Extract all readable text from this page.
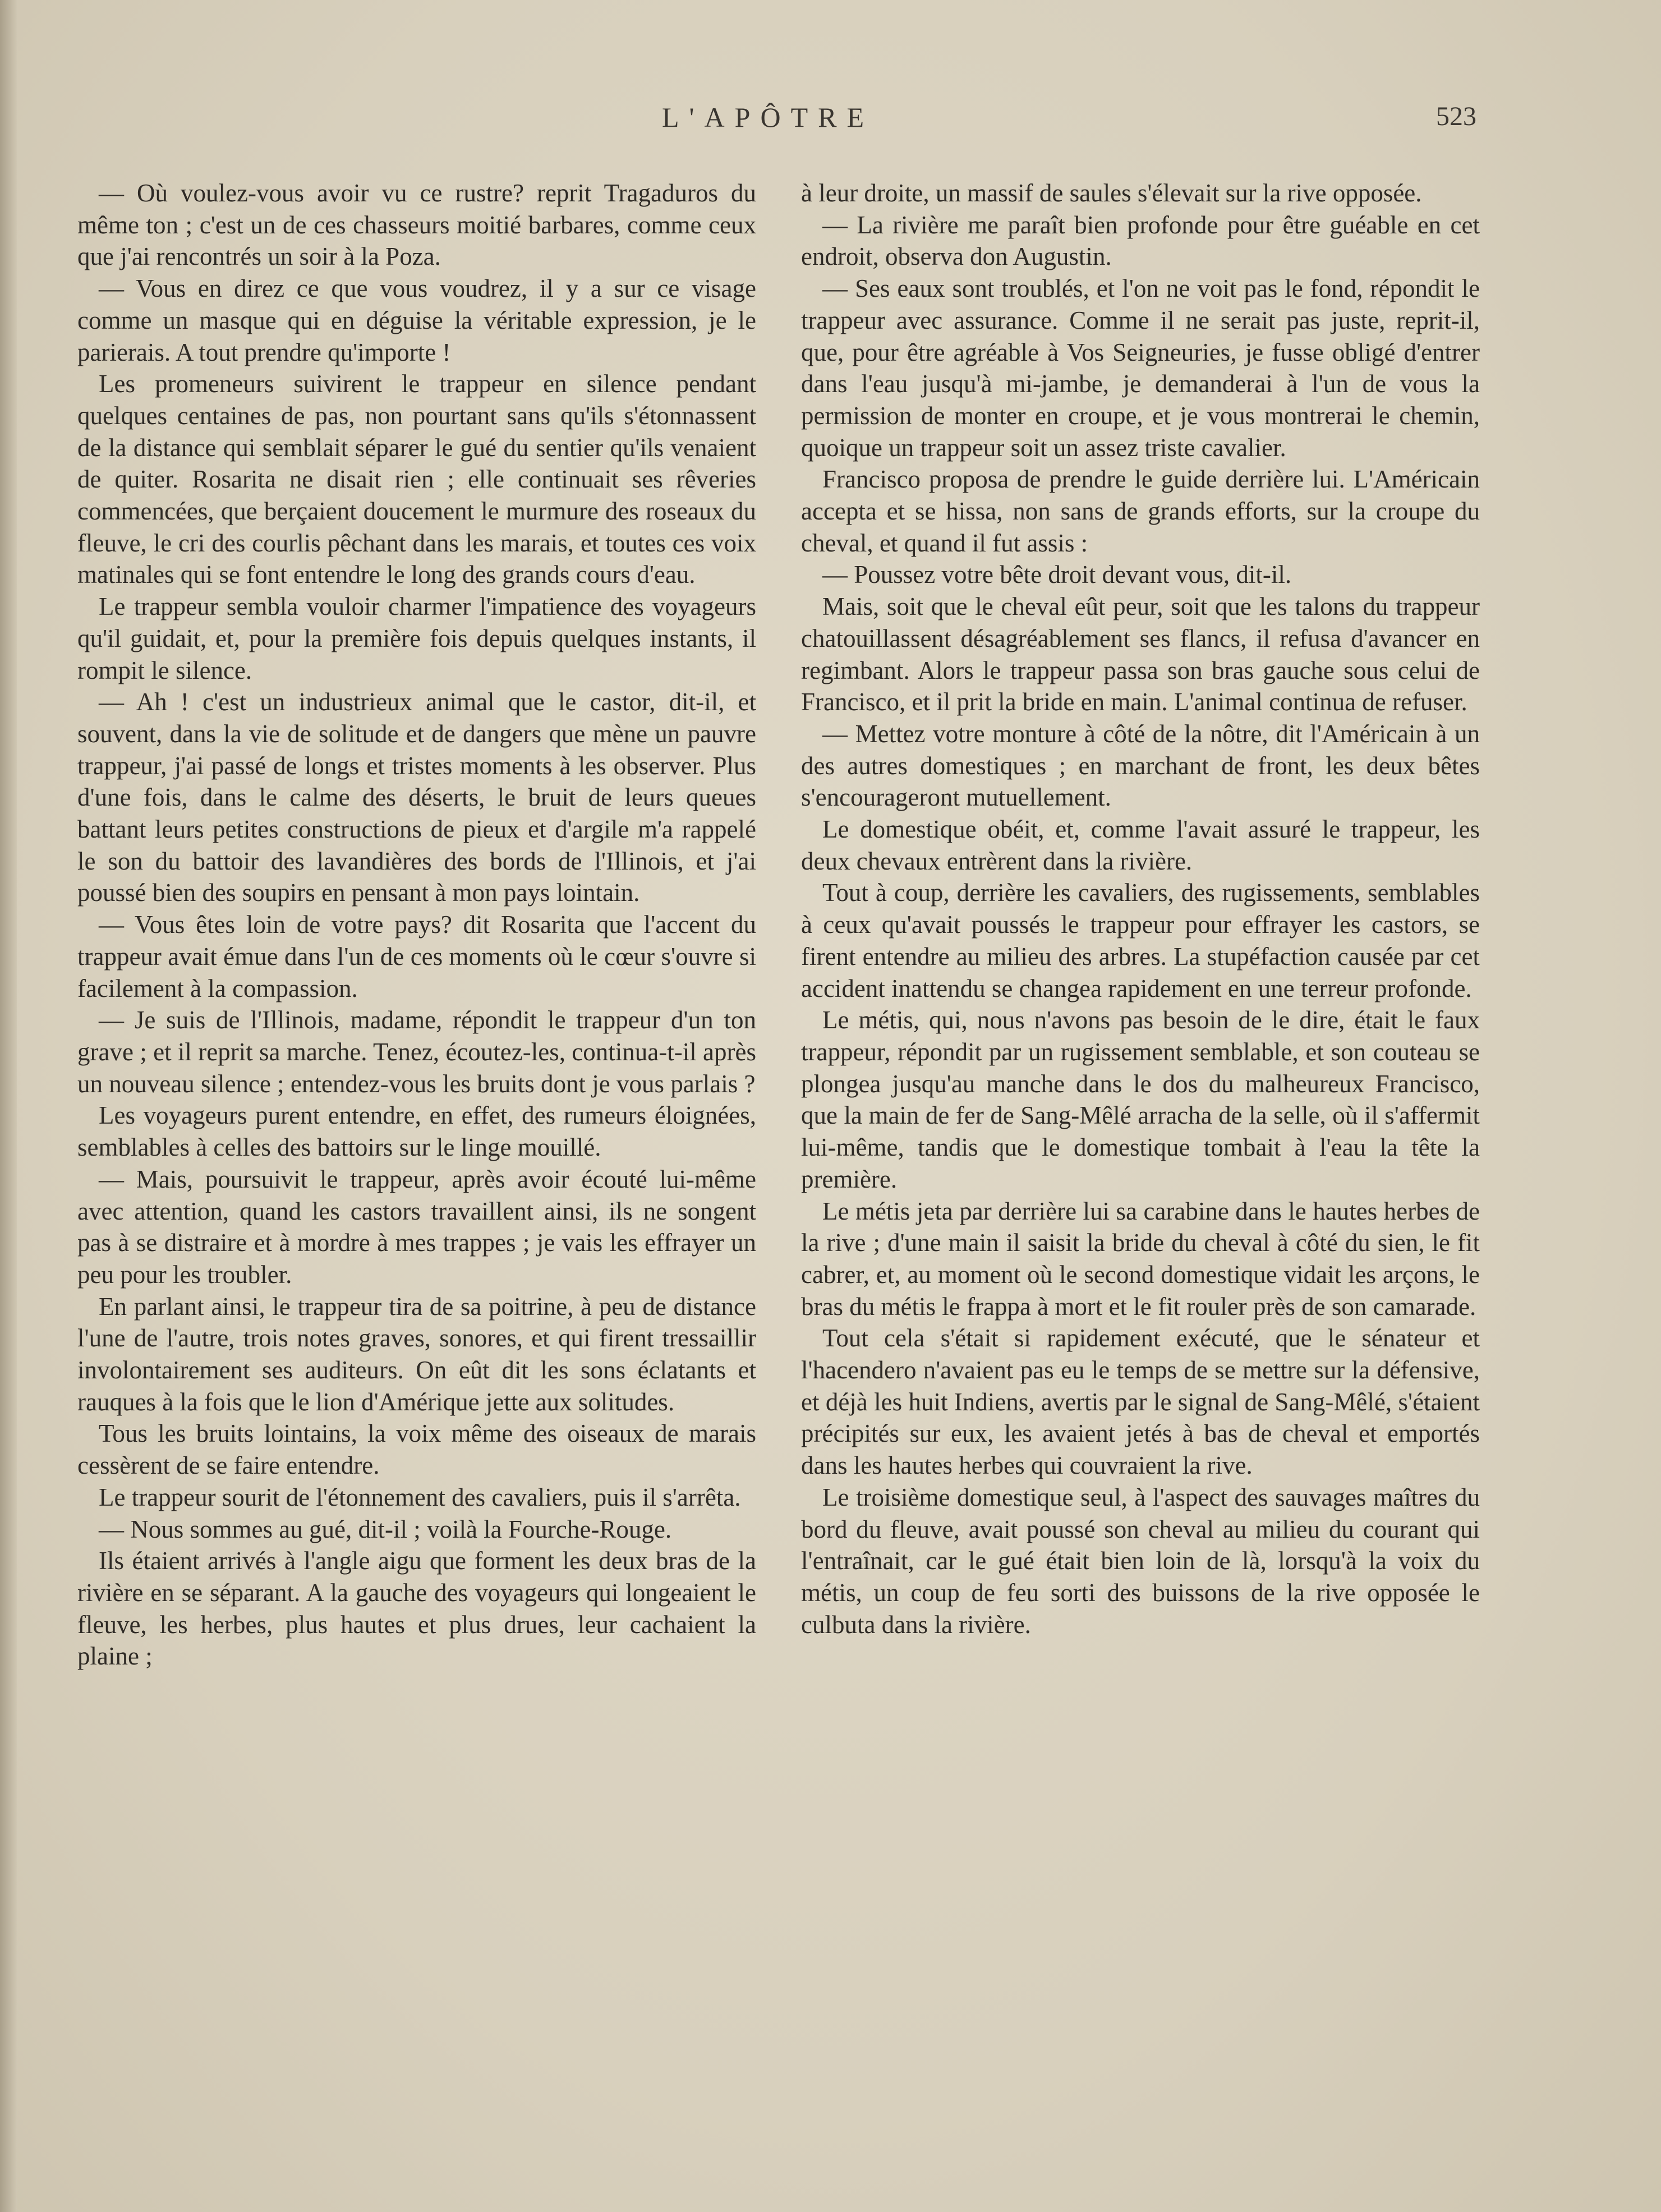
L'APÔTRE	523

— Où voulez-vous avoir vu ce rustre? reprit Tragaduros du même ton ; c'est un de ces chasseurs moitié barbares, comme ceux que j'ai rencontrés un soir à la Poza.

— Vous en direz ce que vous voudrez, il y a sur ce visage comme un masque qui en déguise la véritable expression, je le parierais. A tout prendre qu'importe !

Les promeneurs suivirent le trappeur en silence pendant quelques centaines de pas, non pourtant sans qu'ils s'étonnassent de la distance qui semblait séparer le gué du sentier qu'ils venaient de quiter. Rosarita ne disait rien ; elle continuait ses rêveries commencées, que berçaient doucement le murmure des roseaux du fleuve, le cri des courlis pêchant dans les marais, et toutes ces voix matinales qui se font entendre le long des grands cours d'eau.

Le trappeur sembla vouloir charmer l'impatience des voyageurs qu'il guidait, et, pour la première fois depuis quelques instants, il rompit le silence.

— Ah ! c'est un industrieux animal que le castor, dit-il, et souvent, dans la vie de solitude et de dangers que mène un pauvre trappeur, j'ai passé de longs et tristes moments à les observer. Plus d'une fois, dans le calme des déserts, le bruit de leurs queues battant leurs petites constructions de pieux et d'argile m'a rappelé le son du battoir des lavandières des bords de l'Illinois, et j'ai poussé bien des soupirs en pensant à mon pays lointain.

— Vous êtes loin de votre pays? dit Rosarita que l'accent du trappeur avait émue dans l'un de ces moments où le cœur s'ouvre si facilement à la compassion.

— Je suis de l'Illinois, madame, répondit le trappeur d'un ton grave ; et il reprit sa marche. Tenez, écoutez-les, continua-t-il après un nouveau silence ; entendez-vous les bruits dont je vous parlais ?

Les voyageurs purent entendre, en effet, des rumeurs éloignées, semblables à celles des battoirs sur le linge mouillé.

— Mais, poursuivit le trappeur, après avoir écouté lui-même avec attention, quand les castors travaillent ainsi, ils ne songent pas à se distraire et à mordre à mes trappes ; je vais les effrayer un peu pour les troubler.

En parlant ainsi, le trappeur tira de sa poitrine, à peu de distance l'une de l'autre, trois notes graves, sonores, et qui firent tressaillir involontairement ses auditeurs. On eût dit les sons éclatants et rauques à la fois que le lion d'Amérique jette aux solitudes.

Tous les bruits lointains, la voix même des oiseaux de marais cessèrent de se faire entendre.

Le trappeur sourit de l'étonnement des cavaliers, puis il s'arrêta.

— Nous sommes au gué, dit-il ; voilà la Fourche-Rouge.

Ils étaient arrivés à l'angle aigu que forment les deux bras de la rivière en se séparant. A la gauche des voyageurs qui longeaient le fleuve, les herbes, plus hautes et plus drues, leur cachaient la plaine ;

à leur droite, un massif de saules s'élevait sur la rive opposée.

— La rivière me paraît bien profonde pour être guéable en cet endroit, observa don Augustin.

— Ses eaux sont troublés, et l'on ne voit pas le fond, répondit le trappeur avec assurance. Comme il ne serait pas juste, reprit-il, que, pour être agréable à Vos Seigneuries, je fusse obligé d'entrer dans l'eau jusqu'à mi-jambe, je demanderai à l'un de vous la permission de monter en croupe, et je vous montrerai le chemin, quoique un trappeur soit un assez triste cavalier.

Francisco proposa de prendre le guide derrière lui. L'Américain accepta et se hissa, non sans de grands efforts, sur la croupe du cheval, et quand il fut assis :

— Poussez votre bête droit devant vous, dit-il.

Mais, soit que le cheval eût peur, soit que les talons du trappeur chatouillassent désagréablement ses flancs, il refusa d'avancer en regimbant. Alors le trappeur passa son bras gauche sous celui de Francisco, et il prit la bride en main. L'animal continua de refuser.

— Mettez votre monture à côté de la nôtre, dit l'Américain à un des autres domestiques ; en marchant de front, les deux bêtes s'encourageront mutuellement.

Le domestique obéit, et, comme l'avait assuré le trappeur, les deux chevaux entrèrent dans la rivière.

Tout à coup, derrière les cavaliers, des rugissements, semblables à ceux qu'avait poussés le trappeur pour effrayer les castors, se firent entendre au milieu des arbres. La stupéfaction causée par cet accident inattendu se changea rapidement en une terreur profonde.

Le métis, qui, nous n'avons pas besoin de le dire, était le faux trappeur, répondit par un rugissement semblable, et son couteau se plongea jusqu'au manche dans le dos du malheureux Francisco, que la main de fer de Sang-Mêlé arracha de la selle, où il s'affermit lui-même, tandis que le domestique tombait à l'eau la tête la première.

Le métis jeta par derrière lui sa carabine dans le hautes herbes de la rive ; d'une main il saisit la bride du cheval à côté du sien, le fit cabrer, et, au moment où le second domestique vidait les arçons, le bras du métis le frappa à mort et le fit rouler près de son camarade.

Tout cela s'était si rapidement exécuté, que le sénateur et l'hacendero n'avaient pas eu le temps de se mettre sur la défensive, et déjà les huit Indiens, avertis par le signal de Sang-Mêlé, s'étaient précipités sur eux, les avaient jetés à bas de cheval et emportés dans les hautes herbes qui couvraient la rive.

Le troisième domestique seul, à l'aspect des sauvages maîtres du bord du fleuve, avait poussé son cheval au milieu du courant qui l'entraînait, car le gué était bien loin de là, lorsqu'à la voix du métis, un coup de feu sorti des buissons de la rive opposée le culbuta dans la rivière.
